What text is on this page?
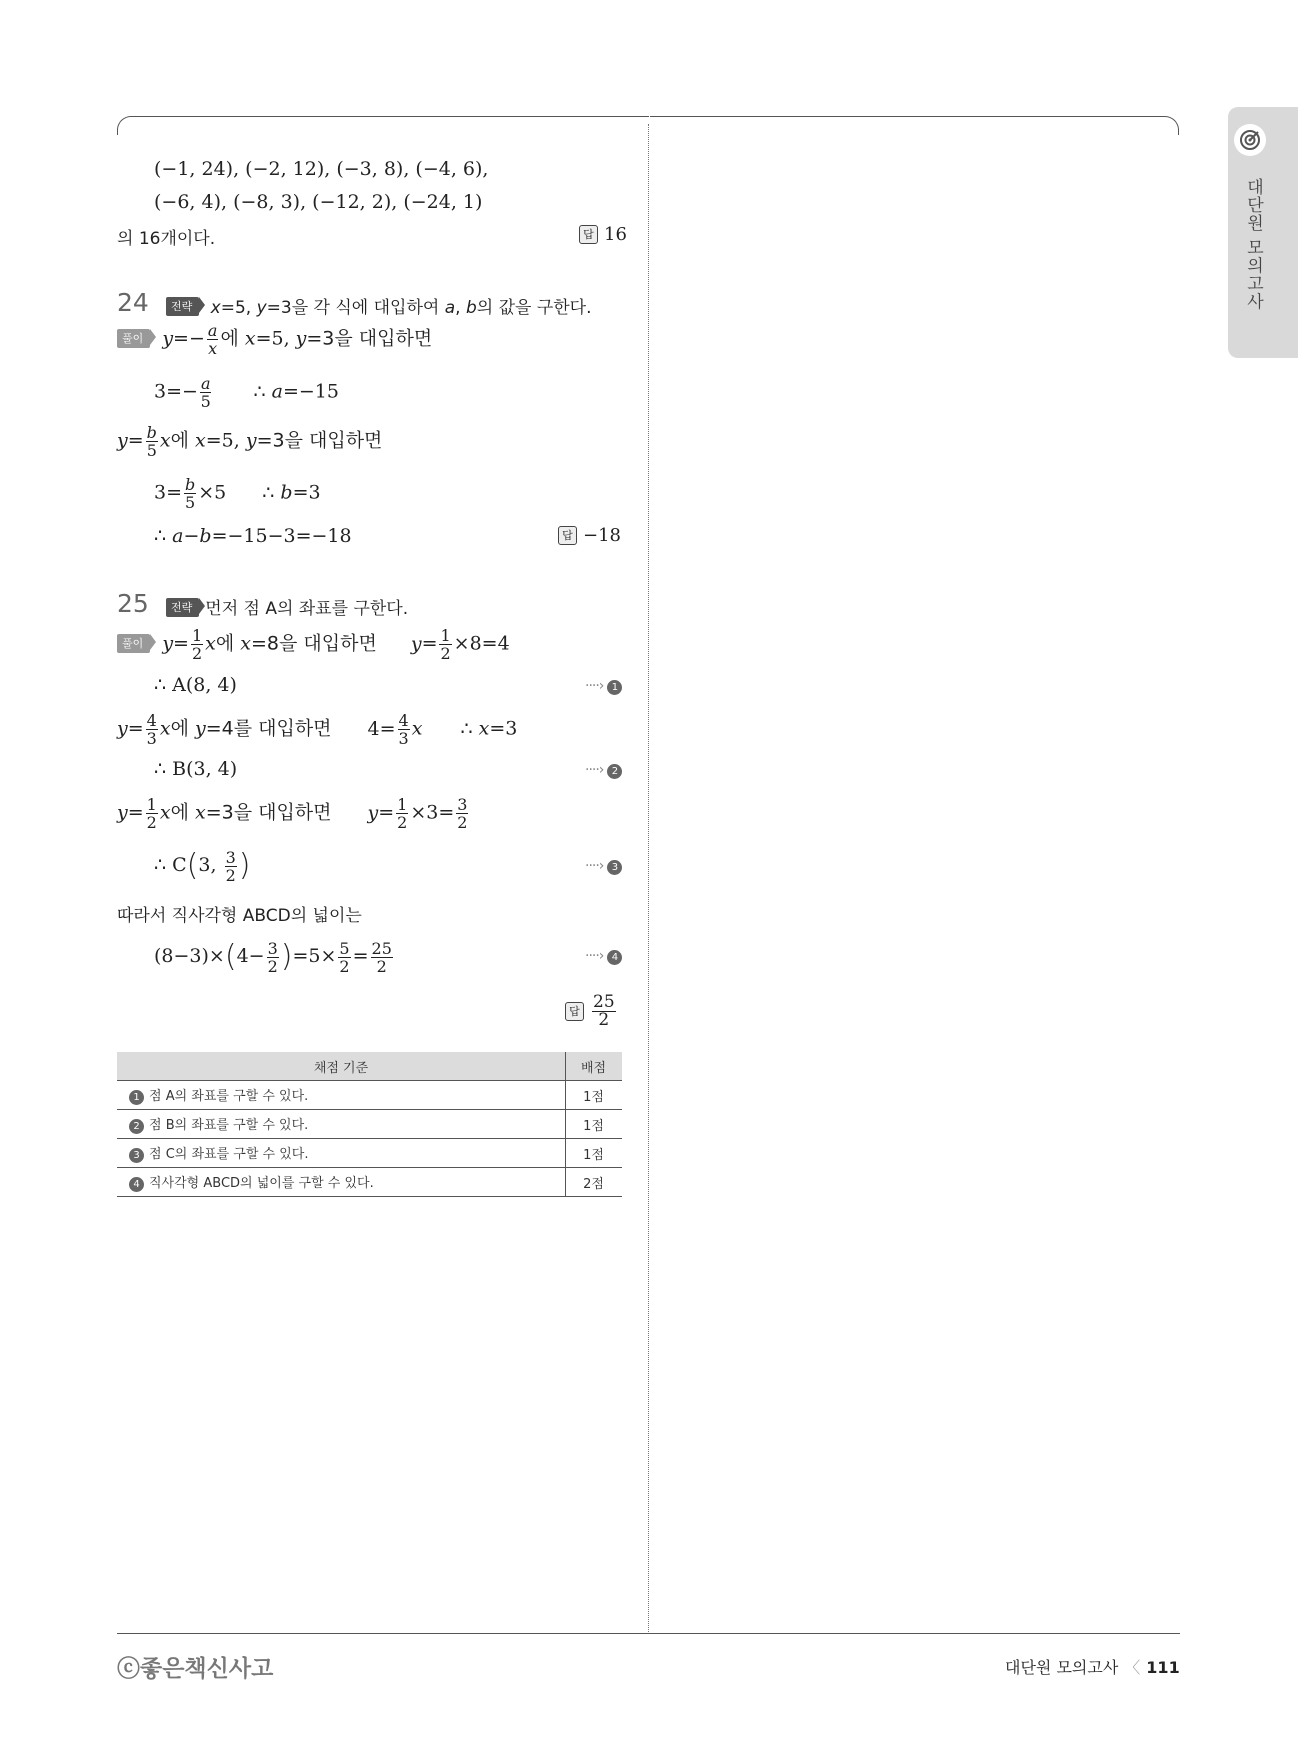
대단원 모의고사
(−1, 24), (−2, 12), (−3, 8), (−4, 6),
(−6, 4), (−8, 3), (−12, 2), (−24, 1)
의 16개이다.	답 16
24	전략 x=5, y=3을 각 식에 대입하여 a, b의 값을 구한다.
풀이 $y=- \frac{a}{x}$ 에 x=5, y=3을 대입하면
$3=- \frac{a}{5}$ ∴ a=−15
$y= \frac{b}{5}$ x에 x=5, y=3을 대입하면
$3= \frac{b}{5} \times 5$ ∴ b=3
∴ a−b=−15−3=−18	답 −18
25	전략 먼저 점 A의 좌표를 구한다.
풀이 $y= \frac{1}{2}$ x에 x=8을 대입하면 $y= \frac{1}{2} \times 8=4$
∴ A(8, 4)	····› 1
$y= \frac{4}{3}$ x에 y=4를 대입하면 $4= \frac{4}{3}$ x ∴ x=3
∴ B(3, 4)	····› 2
$y= \frac{1}{2}$ x에 x=3을 대입하면 $y= \frac{1}{2} \times 3= \frac{3}{2}$
∴ C(3, $\frac{3}{2}$ )	····› 3
따라서 직사각형 ABCD의 넓이는
$(8-3)\times(4- \frac{3}{2} )=5\times \frac{5}{2} = \frac{25}{2}$	····› 4
답 $\frac{25}{2}$
채점 기준	배점
1 점 A의 좌표를 구할 수 있다.	1점
2 점 B의 좌표를 구할 수 있다.	1점
3 점 C의 좌표를 구할 수 있다.	1점
4 직사각형 ABCD의 넓이를 구할 수 있다.	2점
ⓒ좋은책신사고	대단원 모의고사 〈 111
